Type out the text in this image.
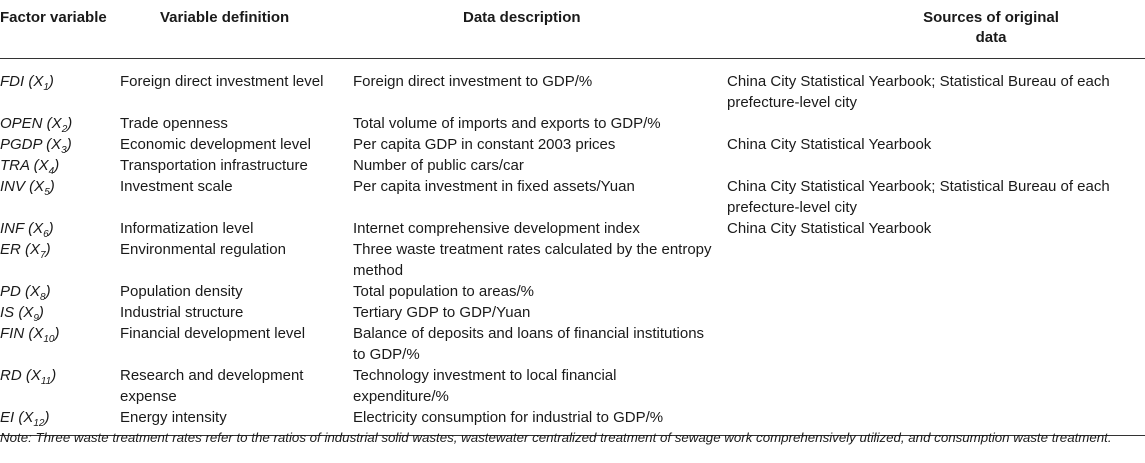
Factor variable	Variable definition	Data description	Sources of original data
FDI $(X_1)$	Foreign direct investment level	Foreign direct investment to GDP/%	China City Statistical Yearbook; Statistical Bureau of each prefecture-level city
OPEN $(X_2)$	Trade openness	Total volume of imports and exports to GDP/%	
PGDP $(X_3)$	Economic development level	Per capita GDP in constant 2003 prices	China City Statistical Yearbook
TRA $(X_4)$	Transportation infrastructure	Number of public cars/car	
INV $(X_5)$	Investment scale	Per capita investment in fixed assets/Yuan	China City Statistical Yearbook; Statistical Bureau of each prefecture-level city
INF $(X_6)$	Informatization level	Internet comprehensive development index	China City Statistical Yearbook
ER $(X_7)$	Environmental regulation	Three waste treatment rates calculated by the entropy method	
PD $(X_8)$	Population density	Total population to areas/%	
IS $(X_9)$	Industrial structure	Tertiary GDP to GDP/Yuan	
FIN $(X_{10})$	Financial development level	Balance of deposits and loans of financial institutions to GDP/%	
RD $(X_{11})$	Research and development expense	Technology investment to local financial expenditure/%	
EI $(X_{12})$	Energy intensity	Electricity consumption for industrial to GDP/%	
Note: Three waste treatment rates refer to the ratios of industrial solid wastes, wastewater centralized treatment of sewage work comprehensively utilized, and consumption waste treatment.
